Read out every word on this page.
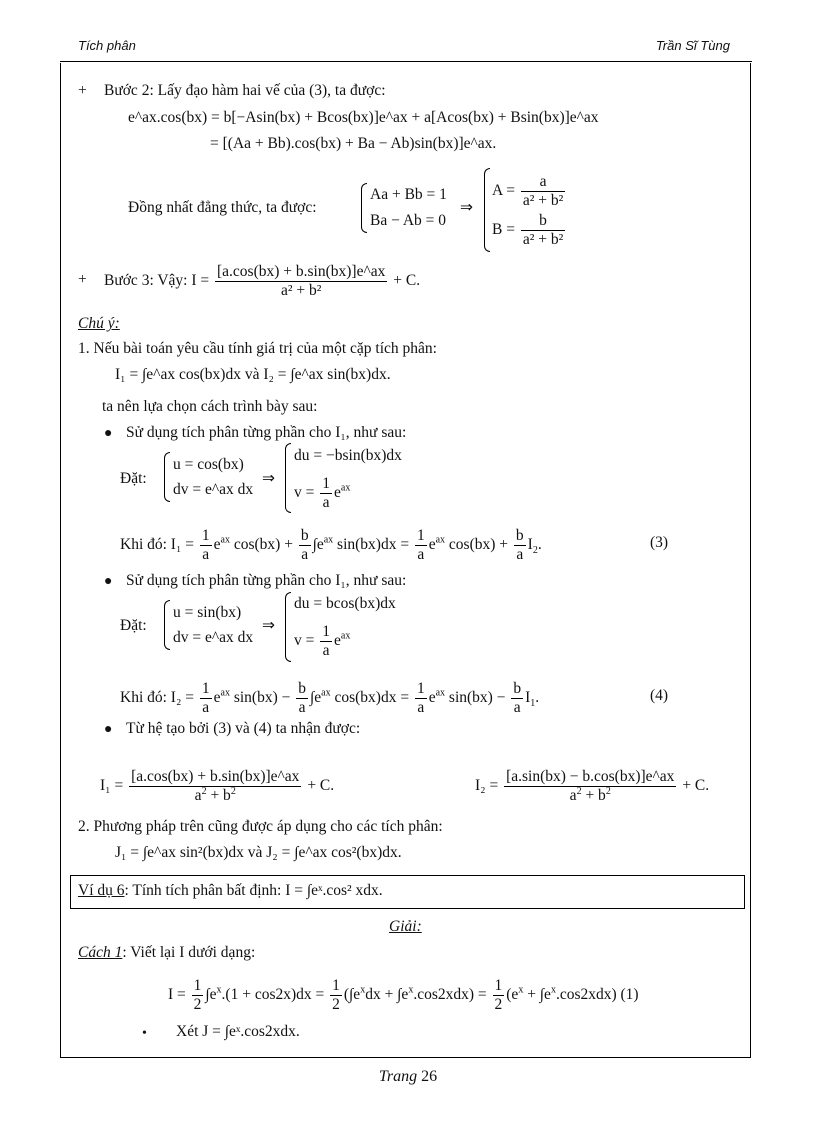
Tích phân	Trần Sĩ Tùng
+ Bước 2: Lấy đạo hàm hai vế của (3), ta được:
e^ax.cos(bx) = b[−Asin(bx) + Bcos(bx)]e^ax + a[Acos(bx) + Bsin(bx)]e^ax
= [(Aa + Bb).cos(bx) + Ba − Ab)sin(bx)]e^ax.
Đồng nhất đẳng thức, ta được:
Aa + Bb = 1
Ba − Ab = 0
⇒
$A = \frac{a}{\text{a² + b²}}$
$B = \frac{b}{\text{a² + b²}}$
+ Bước 3: Vậy: $I = \frac{[a.\cos(bx) + b.\sin(bx)]e\^{}ax}{\text{a² + b²}} + C$.
Chú ý:
1. Nếu bài toán yêu cầu tính giá trị của một cặp tích phân:
I₁ = ∫e^ax cos(bx)dx và I₂ = ∫e^ax sin(bx)dx.
ta nên lựa chọn cách trình bày sau:
● Sử dụng tích phân từng phần cho I₁, như sau:
Đặt:
u = cos(bx)
dv = e^ax dx
⇒
du = −bsin(bx)dx
$v = \frac{1}{a} e^{ax}$
Khi đó: $I_1 = \frac{1}{a} e^{ax}$ $\cos(bx) + \frac{b}{a} \int e^{ax}$ $\sin(bx)dx = \frac{1}{a} e^{ax}$ $\cos(bx) + \frac{b}{a} I_2$.	(3)
● Sử dụng tích phân từng phần cho I₁, như sau:
Đặt:
u = sin(bx)
dv = e^ax dx
⇒
du = bcos(bx)dx
$v = \frac{1}{a} e^{ax}$
Khi đó: $I_2 = \frac{1}{a} e^{ax}$ $\sin(bx) - \frac{b}{a} \int e^{ax}$ $\cos(bx)dx = \frac{1}{a} e^{ax}$ $\sin(bx) - \frac{b}{a} I_1$.	(4)
● Từ hệ tạo bởi (3) và (4) ta nhận được:
$I_1 = \frac{[a.\cos(bx) + b.\sin(bx)]e\^{}ax}{a^2 + b^2} + C$.	$I_2 = \frac{[a.\sin(bx) - b.\cos(bx)]e\^{}ax}{a^2 + b^2} + C$.
2. Phương pháp trên cũng được áp dụng cho các tích phân:
J₁ = ∫e^ax sin²(bx)dx và J₂ = ∫e^ax cos²(bx)dx.
Ví dụ 6: Tính tích phân bất định: I = ∫eˣ.cos² xdx.
Giải:
Cách 1: Viết lại I dưới dạng:
$I = \frac{1}{2} \int e^x.(1 + \cos 2x)dx = \frac{1}{2} (\int e^xdx + \int e^x.\cos 2xdx) = \frac{1}{2} (e^x + \int e^x.\cos 2xdx)$ (1)
• Xét J = ∫eˣ.cos2xdx.
Trang 26
